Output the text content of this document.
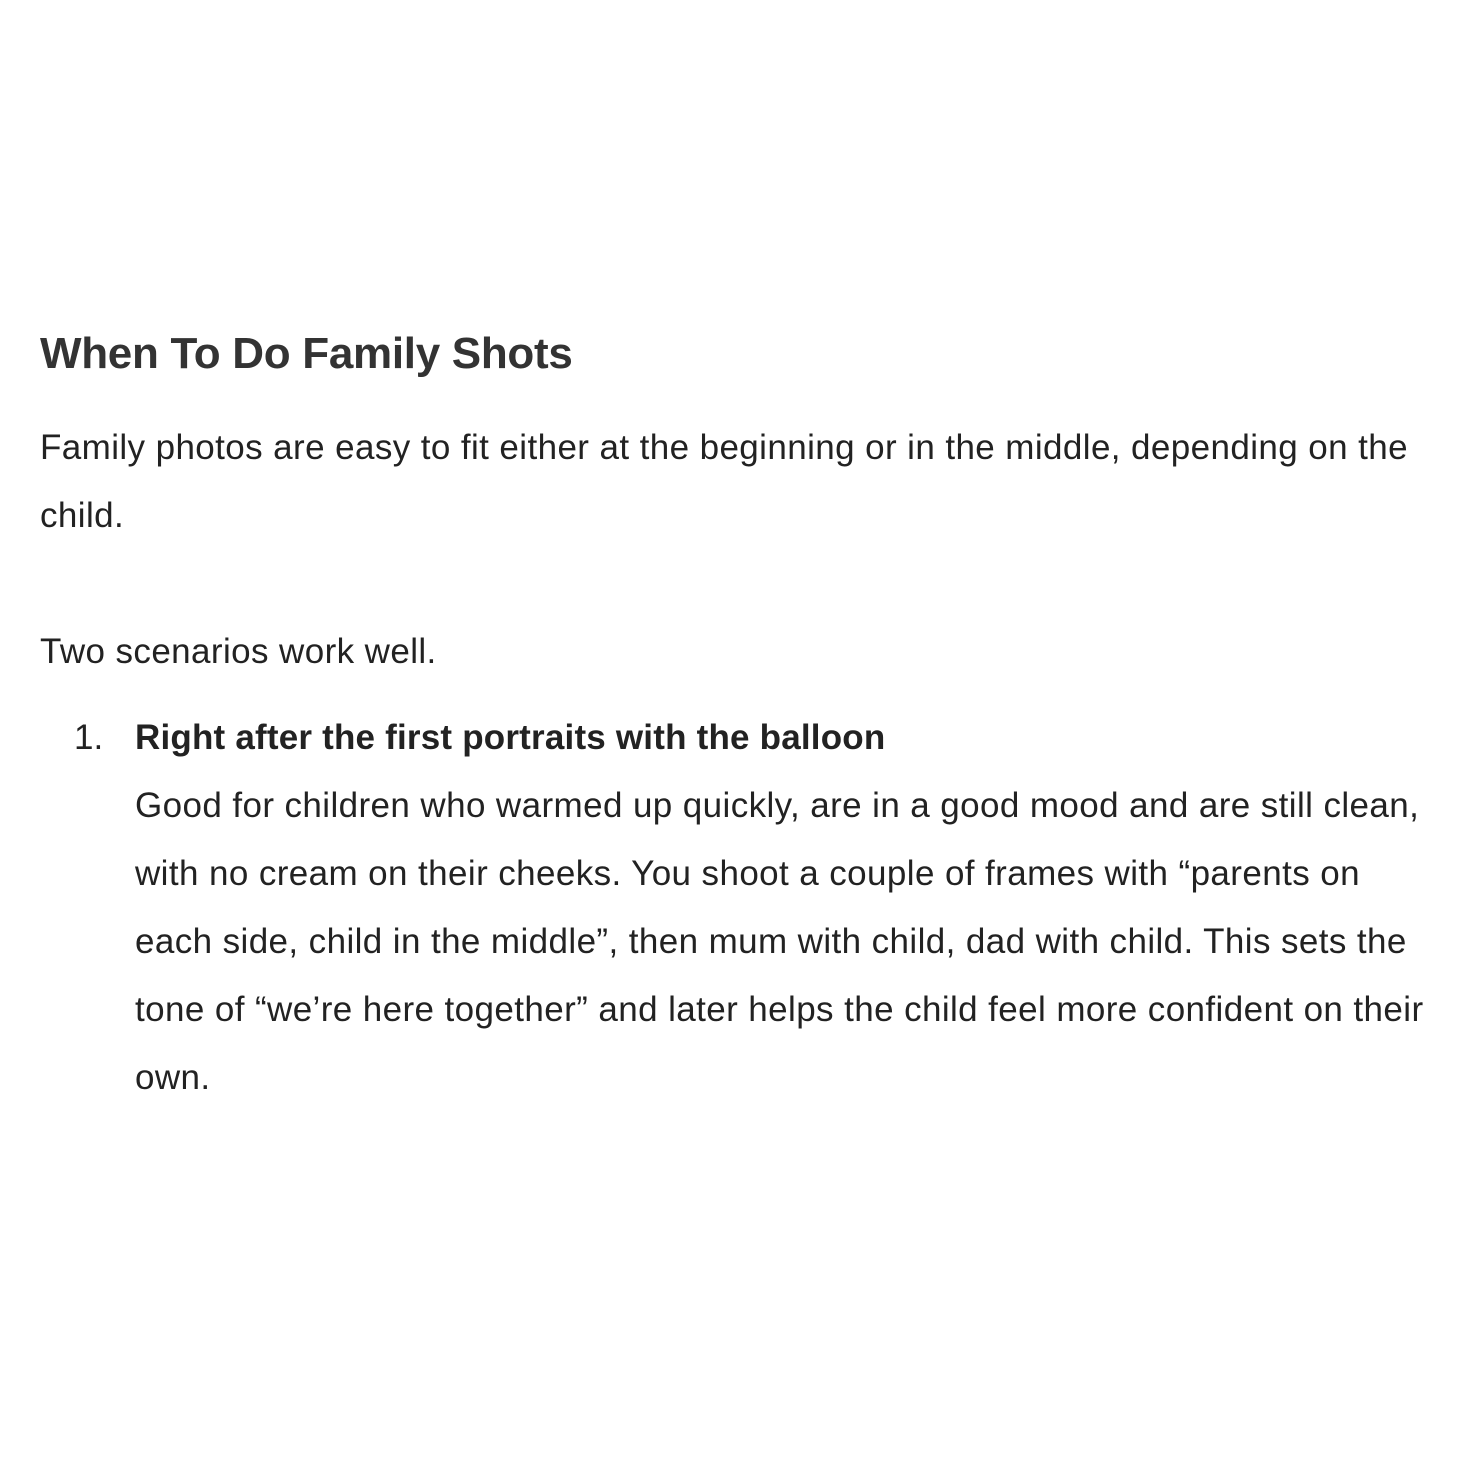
When To Do Family Shots

Family photos are easy to fit either at the beginning or in the middle, depending on the child.

Two scenarios work well.

1. Right after the first portraits with the balloon
Good for children who warmed up quickly, are in a good mood and are still clean, with no cream on their cheeks. You shoot a couple of frames with “parents on each side, child in the middle”, then mum with child, dad with child. This sets the tone of “we’re here together” and later helps the child feel more confident on their own.
